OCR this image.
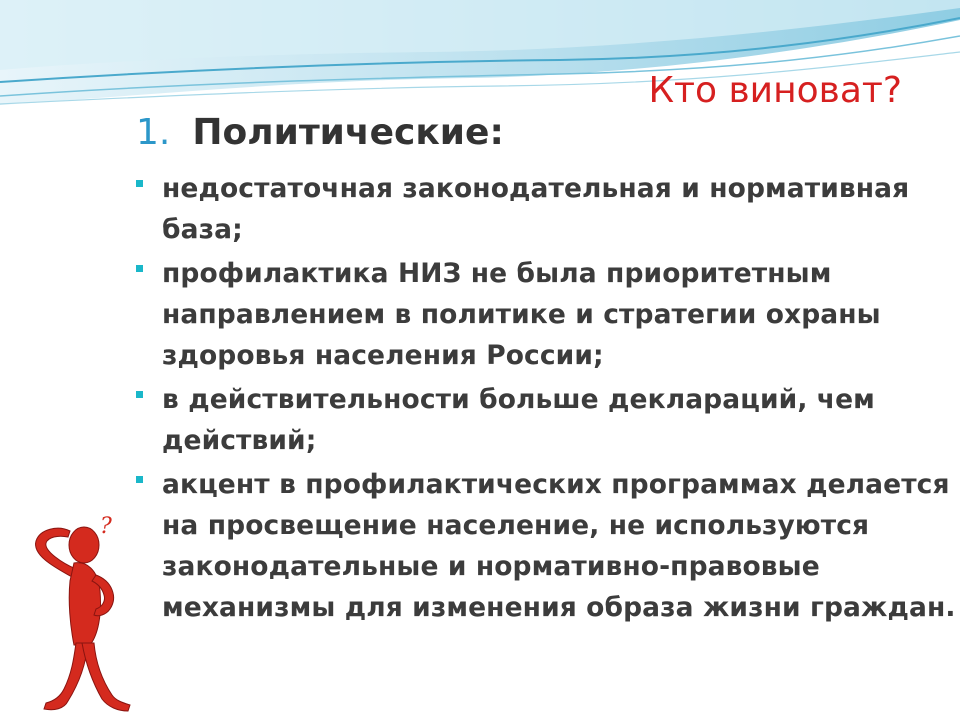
Кто виноват?
1. Политические:
недостаточная законодательная и нормативная база;
профилактика НИЗ не была приоритетным направлением в политике и стратегии охраны здоровья населения России;
в действительности больше деклараций, чем действий;
акцент в профилактических программах делается на просвещение население, не используются законодательные и нормативно-правовые механизмы для изменения образа жизни граждан.
?
